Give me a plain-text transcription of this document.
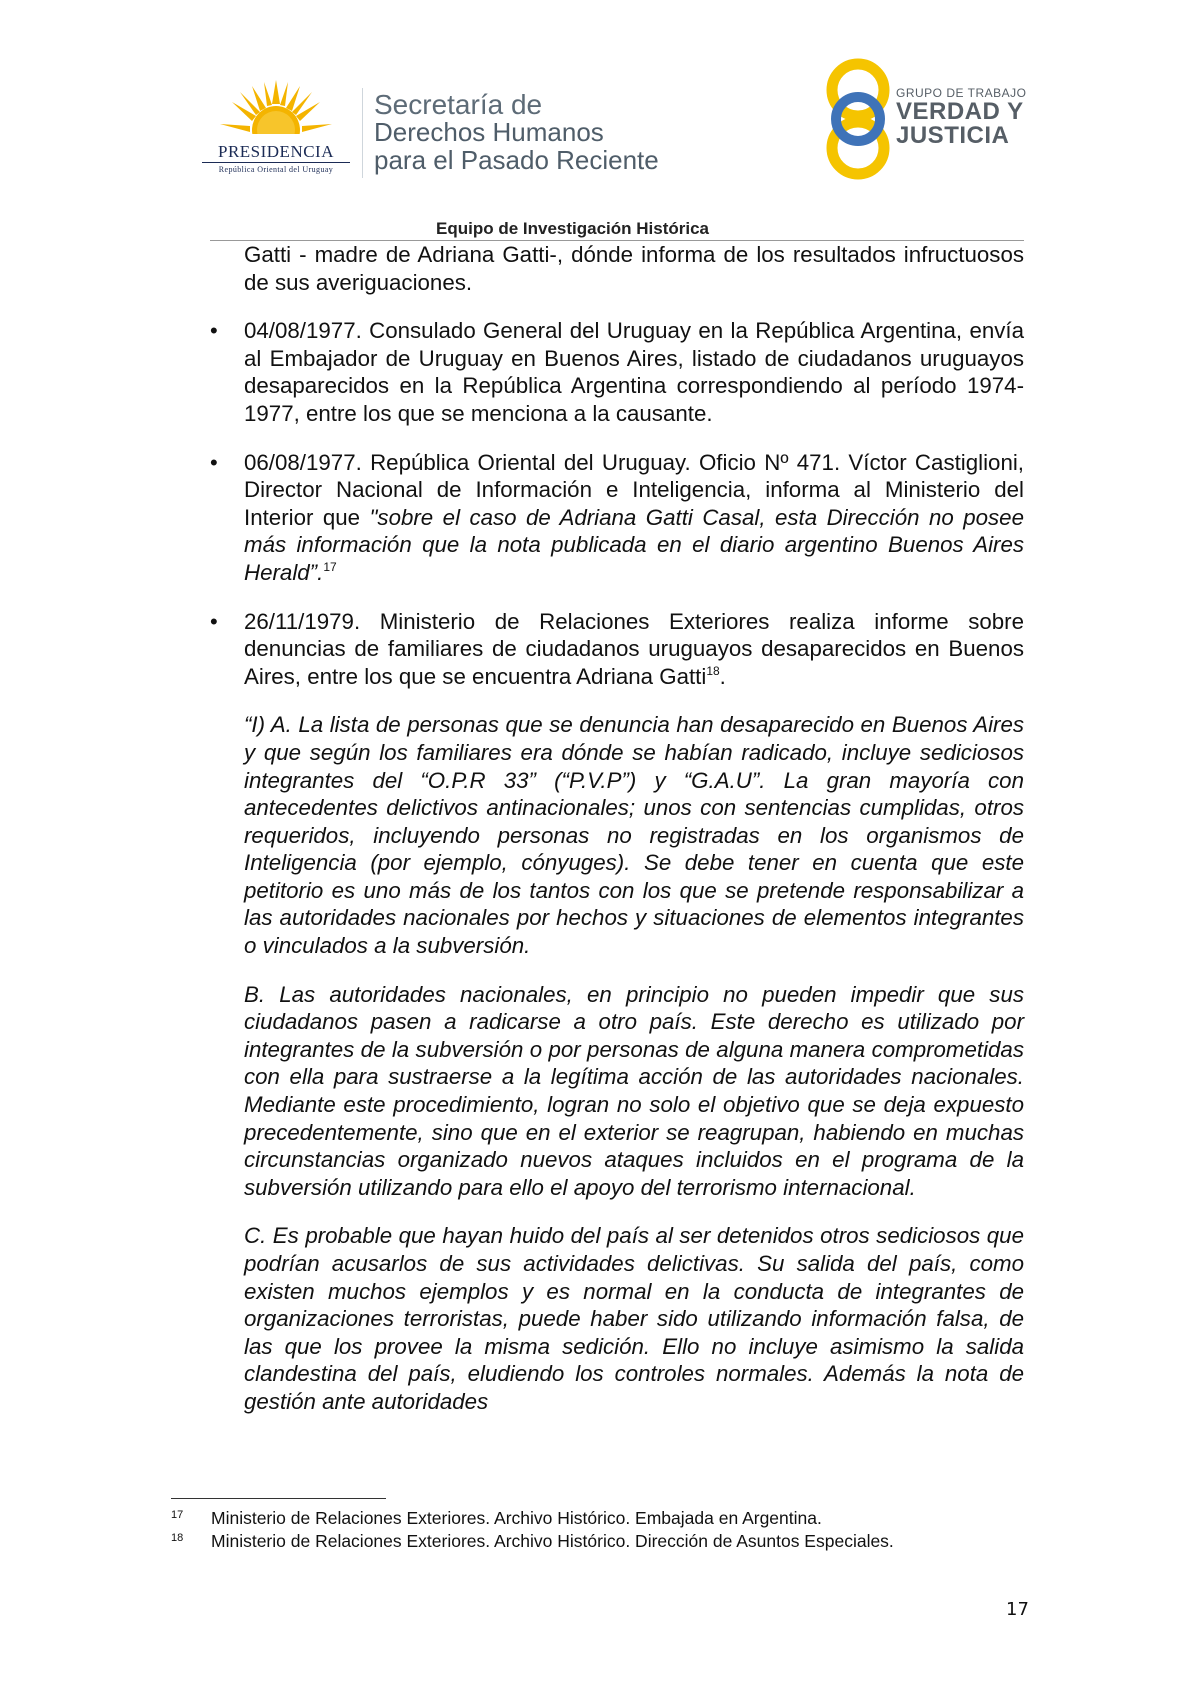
PRESIDENCIA
República Oriental del Uruguay
Secretaría de
Derechos Humanos
para el Pasado Reciente
GRUPO DE TRABAJO
VERDAD Y
JUSTICIA
Equipo de Investigación Histórica

Gatti - madre de Adriana Gatti-, dónde informa de los resultados infructuosos de sus averiguaciones.

• 04/08/1977. Consulado General del Uruguay en la República Argentina, envía al Embajador de Uruguay en Buenos Aires, listado de ciudadanos uruguayos desaparecidos en la República Argentina correspondiendo al período 1974-1977, entre los que se menciona a la causante.

• 06/08/1977. República Oriental del Uruguay. Oficio Nº 471. Víctor Castiglioni, Director Nacional de Información e Inteligencia, informa al Ministerio del Interior que "sobre el caso de Adriana Gatti Casal, esta Dirección no posee más información que la nota publicada en el diario argentino Buenos Aires Herald”.$^{17}$

• 26/11/1979. Ministerio de Relaciones Exteriores realiza informe sobre denuncias de familiares de ciudadanos uruguayos desaparecidos en Buenos Aires, entre los que se encuentra Adriana Gatti$^{18}$.

“I) A. La lista de personas que se denuncia han desaparecido en Buenos Aires y que según los familiares era dónde se habían radicado, incluye sediciosos integrantes del “O.P.R 33” (“P.V.P”) y “G.A.U”. La gran mayoría con antecedentes delictivos antinacionales; unos con sentencias cumplidas, otros requeridos, incluyendo personas no registradas en los organismos de Inteligencia (por ejemplo, cónyuges). Se debe tener en cuenta que este petitorio es uno más de los tantos con los que se pretende responsabilizar a las autoridades nacionales por hechos y situaciones de elementos integrantes o vinculados a la subversión.

B. Las autoridades nacionales, en principio no pueden impedir que sus ciudadanos pasen a radicarse a otro país. Este derecho es utilizado por integrantes de la subversión o por personas de alguna manera comprometidas con ella para sustraerse a la legítima acción de las autoridades nacionales. Mediante este procedimiento, logran no solo el objetivo que se deja expuesto precedentemente, sino que en el exterior se reagrupan, habiendo en muchas circunstancias organizado nuevos ataques incluidos en el programa de la subversión utilizando para ello el apoyo del terrorismo internacional.

C. Es probable que hayan huido del país al ser detenidos otros sediciosos que podrían acusarlos de sus actividades delictivas. Su salida del país, como existen muchos ejemplos y es normal en la conducta de integrantes de organizaciones terroristas, puede haber sido utilizando información falsa, de las que los provee la misma sedición. Ello no incluye asimismo la salida clandestina del país, eludiendo los controles normales. Además la nota de gestión ante autoridades

17 Ministerio de Relaciones Exteriores. Archivo Histórico. Embajada en Argentina.
18 Ministerio de Relaciones Exteriores. Archivo Histórico. Dirección de Asuntos Especiales.
17
